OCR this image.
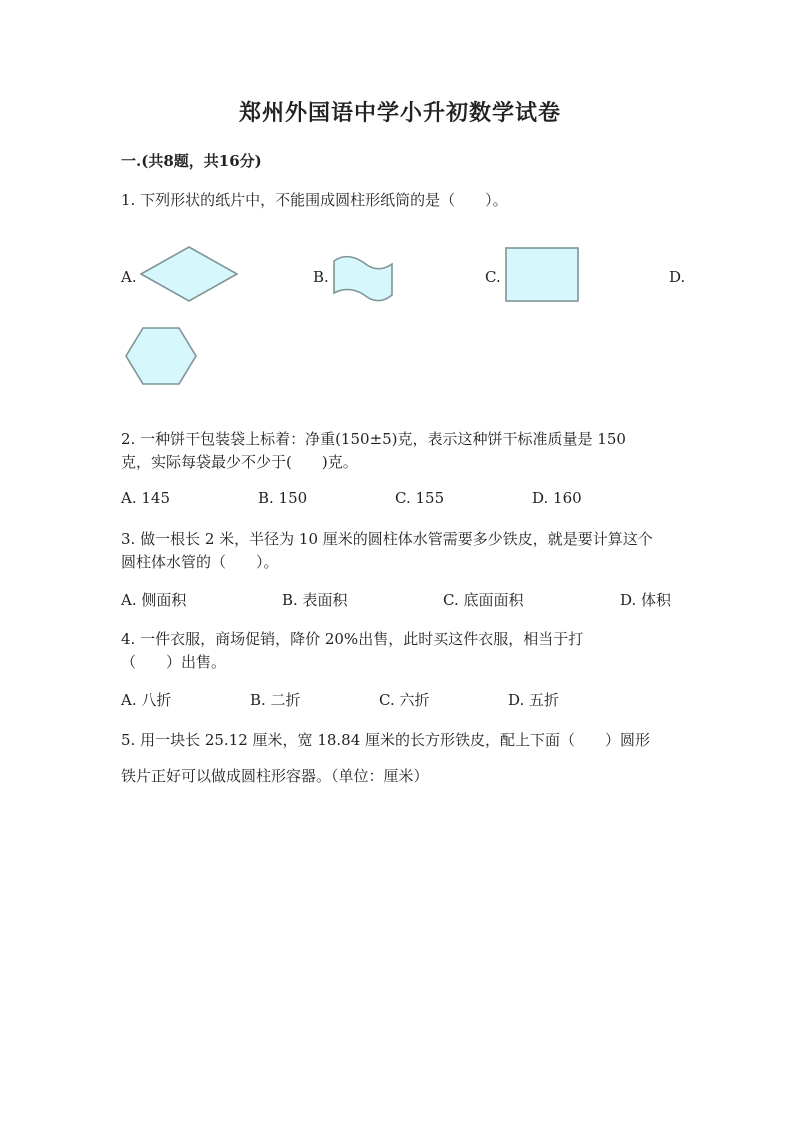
郑州外国语中学小升初数学试卷
一.(共8题，共16分)
1. 下列形状的纸片中，不能围成圆柱形纸筒的是（　　）。
A.	B.	C.	D.
2. 一种饼干包装袋上标着：净重(150±5)克，表示这种饼干标准质量是 150
克，实际每袋最少不少于(　　)克。
A. 145	B. 150	C. 155	D. 160
3. 做一根长 2 米，半径为 10 厘米的圆柱体水管需要多少铁皮，就是要计算这个
圆柱体水管的（　　）。
A. 侧面积	B. 表面积	C. 底面面积	D. 体积
4. 一件衣服，商场促销，降价 20%出售，此时买这件衣服，相当于打
（　　）出售。
A. 八折	B. 二折	C. 六折	D. 五折
5. 用一块长 25.12 厘米，宽 18.84 厘米的长方形铁皮，配上下面（　　）圆形
铁片正好可以做成圆柱形容器。（单位：厘米）
